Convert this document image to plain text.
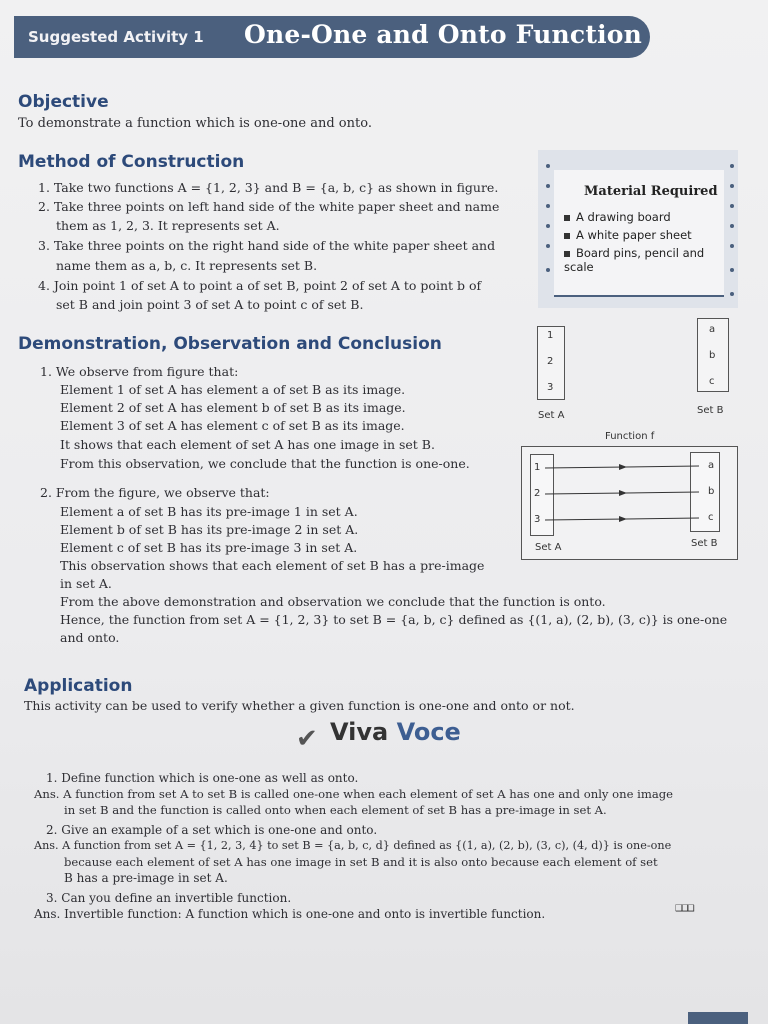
Suggested Activity 1 One-One and Onto Function
Objective
To demonstrate a function which is one-one and onto.
Method of Construction
1. Take two functions A = {1, 2, 3} and B = {a, b, c} as shown in figure.
2. Take three points on left hand side of the white paper sheet and name
them as 1, 2, 3. It represents set A.
3. Take three points on the right hand side of the white paper sheet and
name them as a, b, c. It represents set B.
4. Join point 1 of set A to point a of set B, point 2 of set A to point b of
set B and join point 3 of set A to point c of set B.
Material Required
A drawing board
A white paper sheet
Board pins, pencil and scale
Demonstration, Observation and Conclusion
1. We observe from figure that:
Element 1 of set A has element a of set B as its image.
Element 2 of set A has element b of set B as its image.
Element 3 of set A has element c of set B as its image.
It shows that each element of set A has one image in set B.
From this observation, we conclude that the function is one-one.
2. From the figure, we observe that:
Element a of set B has its pre-image 1 in set A.
Element b of set B has its pre-image 2 in set A.
Element c of set B has its pre-image 3 in set A.
This observation shows that each element of set B has a pre-image
in set A.
From the above demonstration and observation we conclude that the function is onto.
Hence, the function from set A = {1, 2, 3} to set B = {a, b, c} defined as {(1, a), (2, b), (3, c)} is one-one
and onto.
1
2
3
Set A
a
b
c
Set B
Function f
1
2
3
a
b
c
Set A	Set B
Application
This activity can be used to verify whether a given function is one-one and onto or not.
✔ Viva Voce
1. Define function which is one-one as well as onto.
Ans. A function from set A to set B is called one-one when each element of set A has one and only one image
in set B and the function is called onto when each element of set B has a pre-image in set A.
2. Give an example of a set which is one-one and onto.
Ans. A function from set A = {1, 2, 3, 4} to set B = {a, b, c, d} defined as {(1, a), (2, b), (3, c), (4, d)} is one-one
because each element of set A has one image in set B and it is also onto because each element of set
B has a pre-image in set A.
3. Can you define an invertible function.
Ans. Invertible function: A function which is one-one and onto is invertible function.	❑❑❑
